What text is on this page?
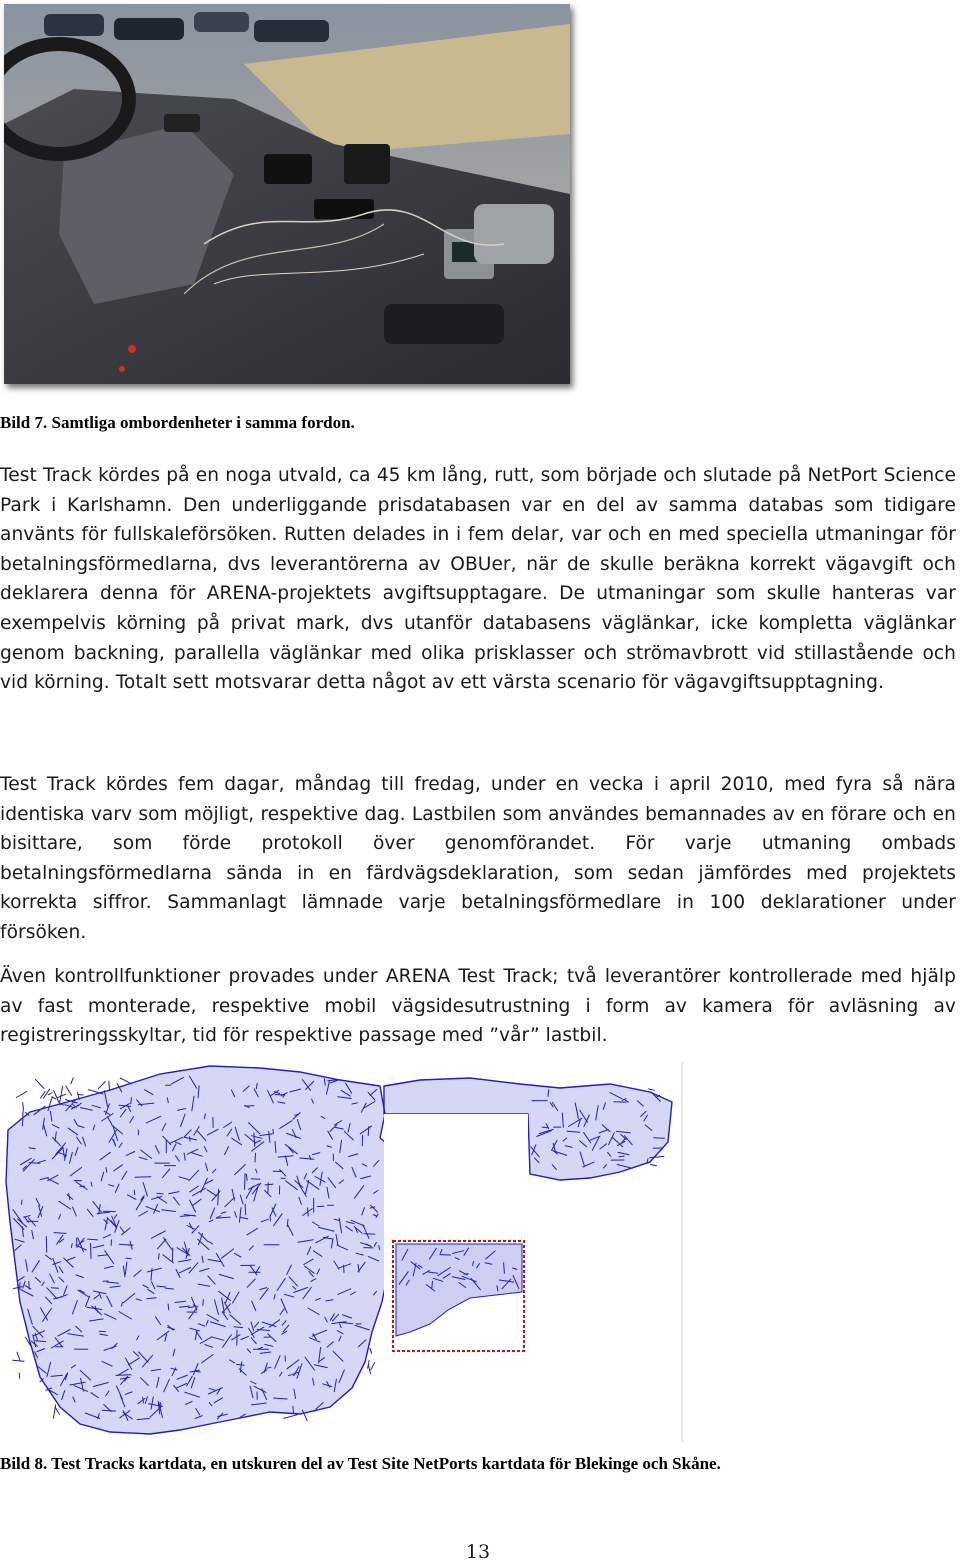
Bild 7. Samtliga ombordenheter i samma fordon.

Test Track kördes på en noga utvald, ca 45 km lång, rutt, som började och slutade på NetPort Science Park i Karlshamn. Den underliggande prisdatabasen var en del av samma databas som tidigare använts för fullskaleförsöken. Rutten delades in i fem delar, var och en med speciella utmaningar för betalningsförmedlarna, dvs leverantörerna av OBUer, när de skulle beräkna korrekt vägavgift och deklarera denna för ARENA-projektets avgiftsupptagare. De utmaningar som skulle hanteras var exempelvis körning på privat mark, dvs utanför databasens väglänkar, icke kompletta väglänkar genom backning, parallella väglänkar med olika prisklasser och strömavbrott vid stillastående och vid körning. Totalt sett motsvarar detta något av ett värsta scenario för vägavgiftsupptagning.

Test Track kördes fem dagar, måndag till fredag, under en vecka i april 2010, med fyra så nära identiska varv som möjligt, respektive dag. Lastbilen som användes bemannades av en förare och en bisittare, som förde protokoll över genomförandet. För varje utmaning ombads betalningsförmedlarna sända in en färdvägsdeklaration, som sedan jämfördes med projektets korrekta siffror. Sammanlagt lämnade varje betalningsförmedlare in 100 deklarationer under försöken.

Även kontrollfunktioner provades under ARENA Test Track; två leverantörer kontrollerade med hjälp av fast monterade, respektive mobil vägsidesutrustning i form av kamera för avläsning av registreringsskyltar, tid för respektive passage med ”vår” lastbil.

Bild 8. Test Tracks kartdata, en utskuren del av Test Site NetPorts kartdata för Blekinge och Skåne.
13
